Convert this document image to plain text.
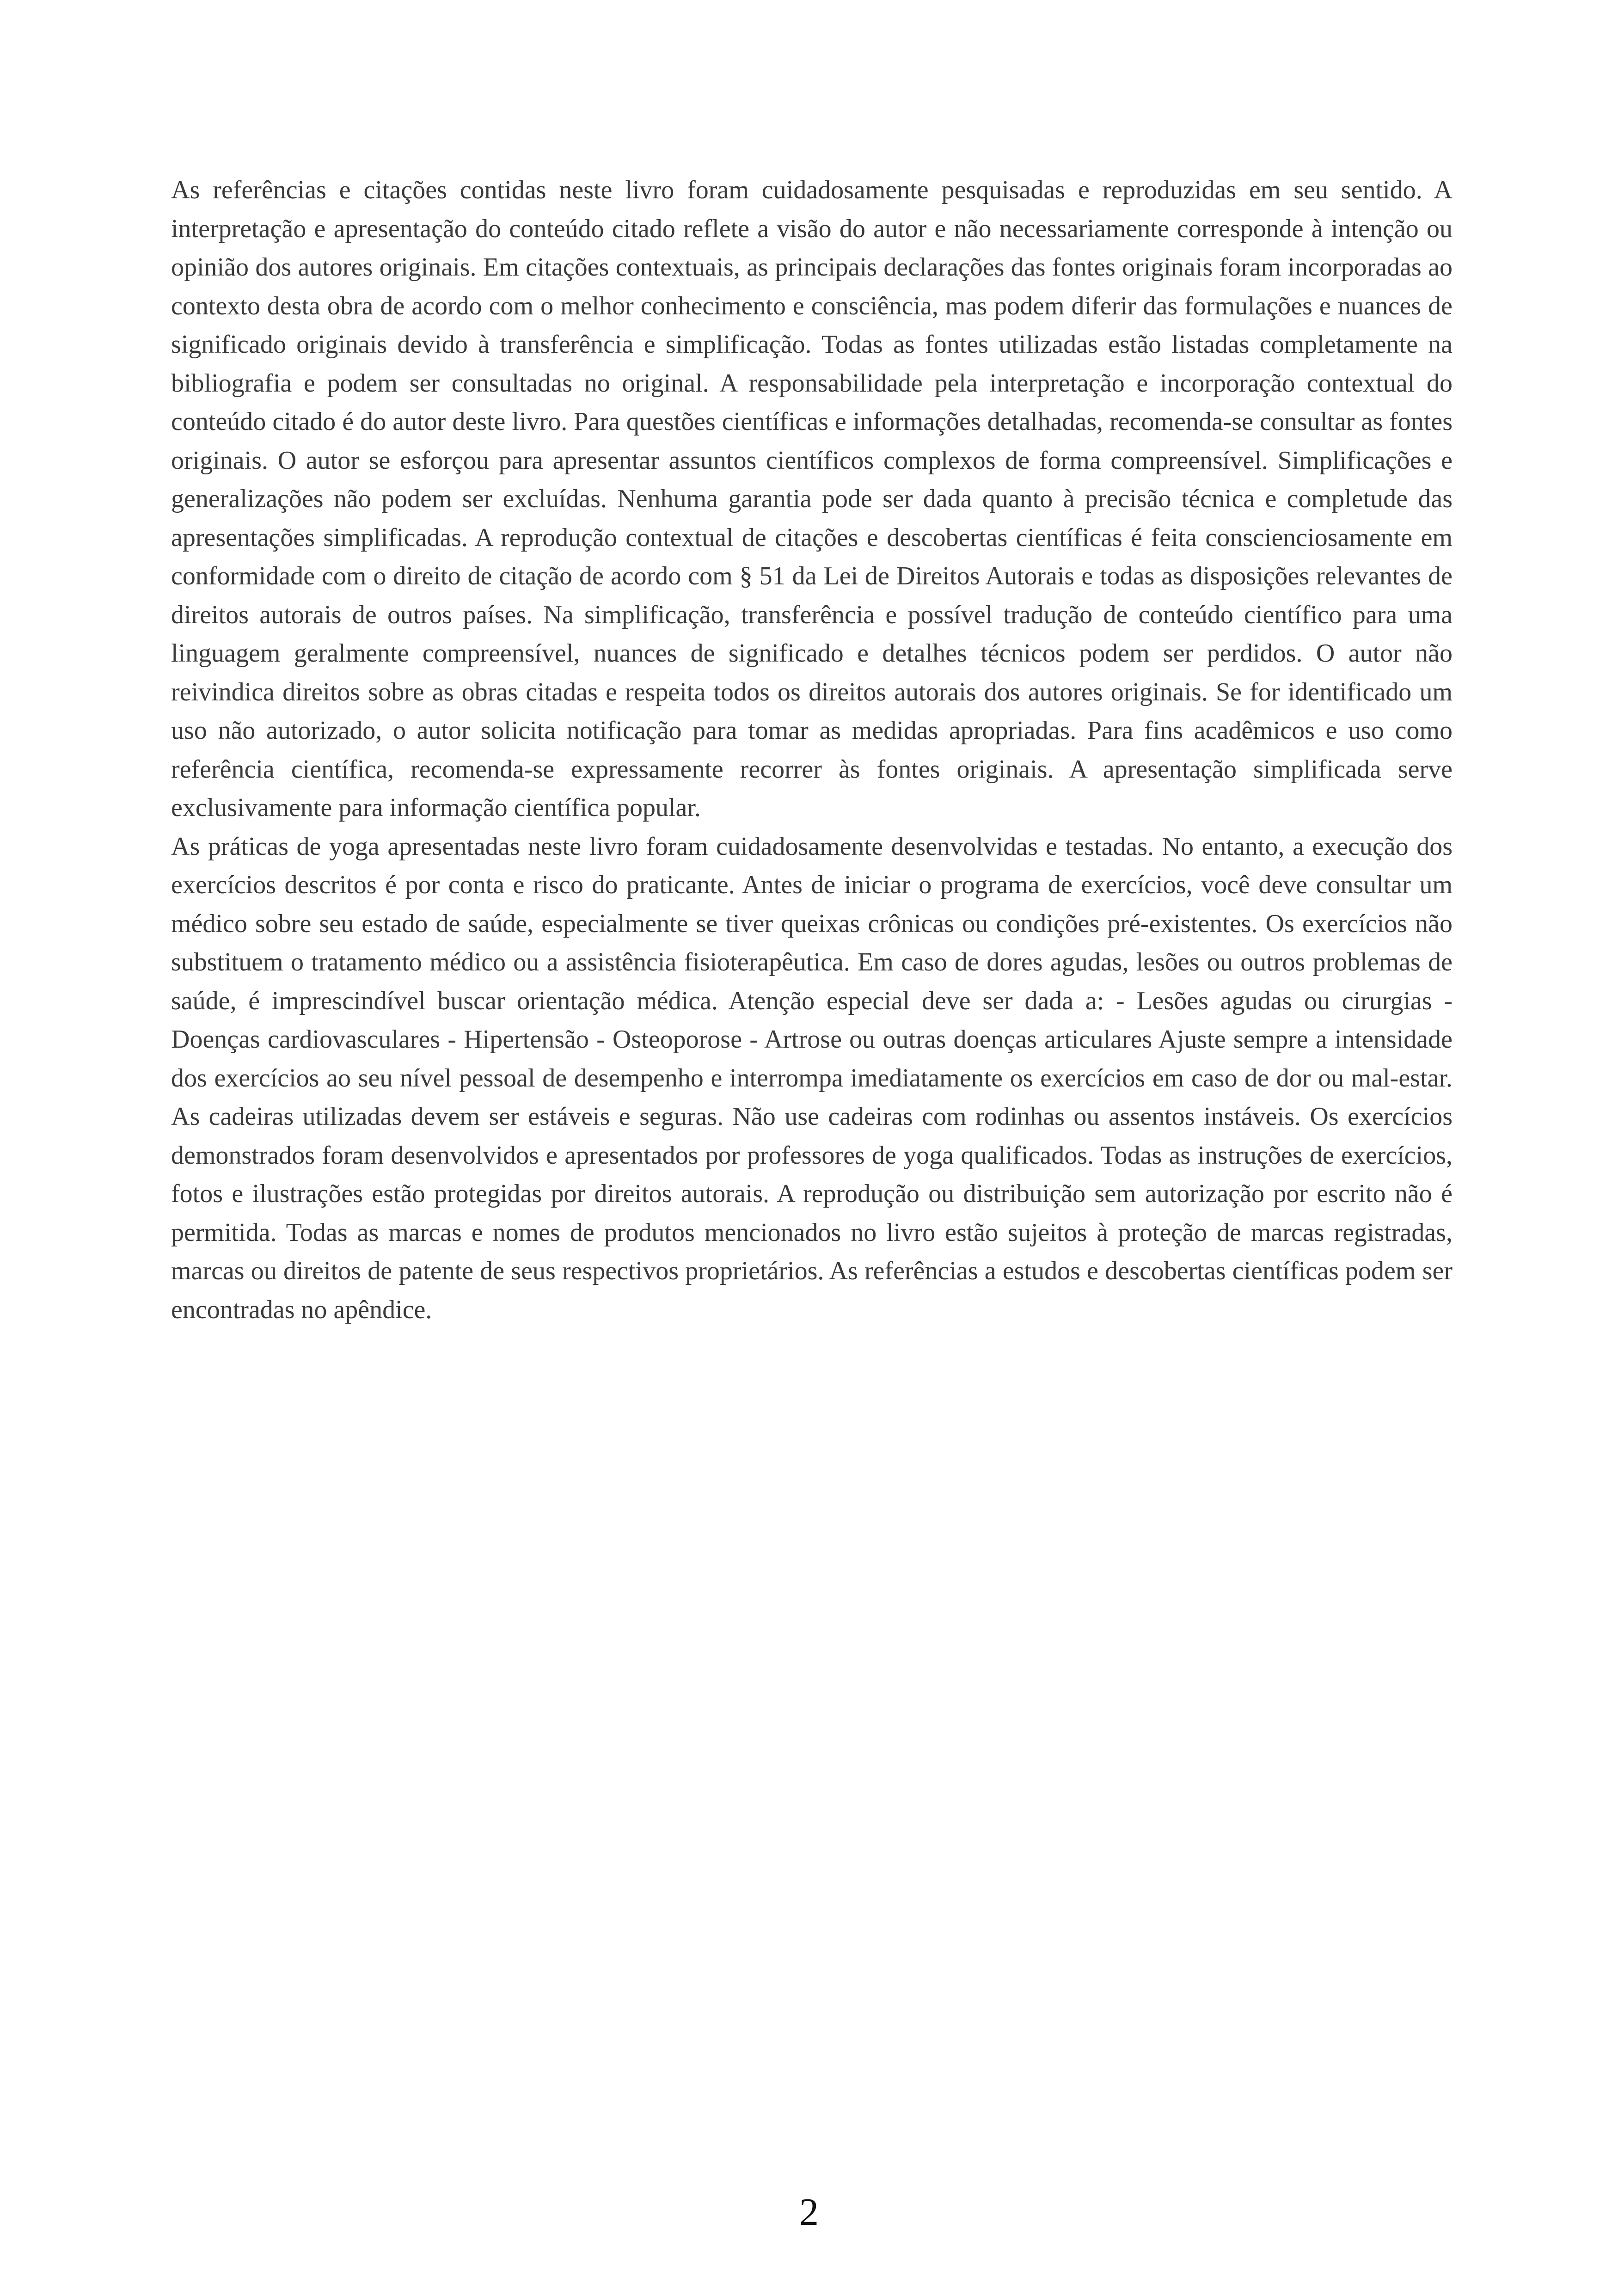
As referências e citações contidas neste livro foram cuidadosamente pesquisadas e reproduzidas em seu sentido. A interpretação e apresentação do conteúdo citado reflete a visão do autor e não necessariamente corresponde à intenção ou opinião dos autores originais. Em citações contextuais, as principais declarações das fontes originais foram incorporadas ao contexto desta obra de acordo com o melhor conhecimento e consciência, mas podem diferir das formulações e nuances de significado originais devido à transferência e simplificação. Todas as fontes utilizadas estão listadas completamente na bibliografia e podem ser consultadas no original. A responsabilidade pela interpretação e incorporação contextual do conteúdo citado é do autor deste livro. Para questões científicas e informações detalhadas, recomenda-se consultar as fontes originais. O autor se esforçou para apresentar assuntos científicos complexos de forma compreensível. Simplificações e generalizações não podem ser excluídas. Nenhuma garantia pode ser dada quanto à precisão técnica e completude das apresentações simplificadas. A reprodução contextual de citações e descobertas científicas é feita conscienciosamente em conformidade com o direito de citação de acordo com § 51 da Lei de Direitos Autorais e todas as disposições relevantes de direitos autorais de outros países. Na simplificação, transferência e possível tradução de conteúdo científico para uma linguagem geralmente compreensível, nuances de significado e detalhes técnicos podem ser perdidos. O autor não reivindica direitos sobre as obras citadas e respeita todos os direitos autorais dos autores originais. Se for identificado um uso não autorizado, o autor solicita notificação para tomar as medidas apropriadas. Para fins acadêmicos e uso como referência científica, recomenda-se expressamente recorrer às fontes originais. A apresentação simplificada serve exclusivamente para informação científica popular.

As práticas de yoga apresentadas neste livro foram cuidadosamente desenvolvidas e testadas. No entanto, a execução dos exercícios descritos é por conta e risco do praticante. Antes de iniciar o programa de exercícios, você deve consultar um médico sobre seu estado de saúde, especialmente se tiver queixas crônicas ou condições pré-existentes. Os exercícios não substituem o tratamento médico ou a assistência fisioterapêutica. Em caso de dores agudas, lesões ou outros problemas de saúde, é imprescindível buscar orientação médica. Atenção especial deve ser dada a: - Lesões agudas ou cirurgias - Doenças cardiovasculares - Hipertensão - Osteoporose - Artrose ou outras doenças articulares Ajuste sempre a intensidade dos exercícios ao seu nível pessoal de desempenho e interrompa imediatamente os exercícios em caso de dor ou mal-estar. As cadeiras utilizadas devem ser estáveis e seguras. Não use cadeiras com rodinhas ou assentos instáveis. Os exercícios demonstrados foram desenvolvidos e apresentados por professores de yoga qualificados. Todas as instruções de exercícios, fotos e ilustrações estão protegidas por direitos autorais. A reprodução ou distribuição sem autorização por escrito não é permitida. Todas as marcas e nomes de produtos mencionados no livro estão sujeitos à proteção de marcas registradas, marcas ou direitos de patente de seus respectivos proprietários. As referências a estudos e descobertas científicas podem ser encontradas no apêndice.

2
